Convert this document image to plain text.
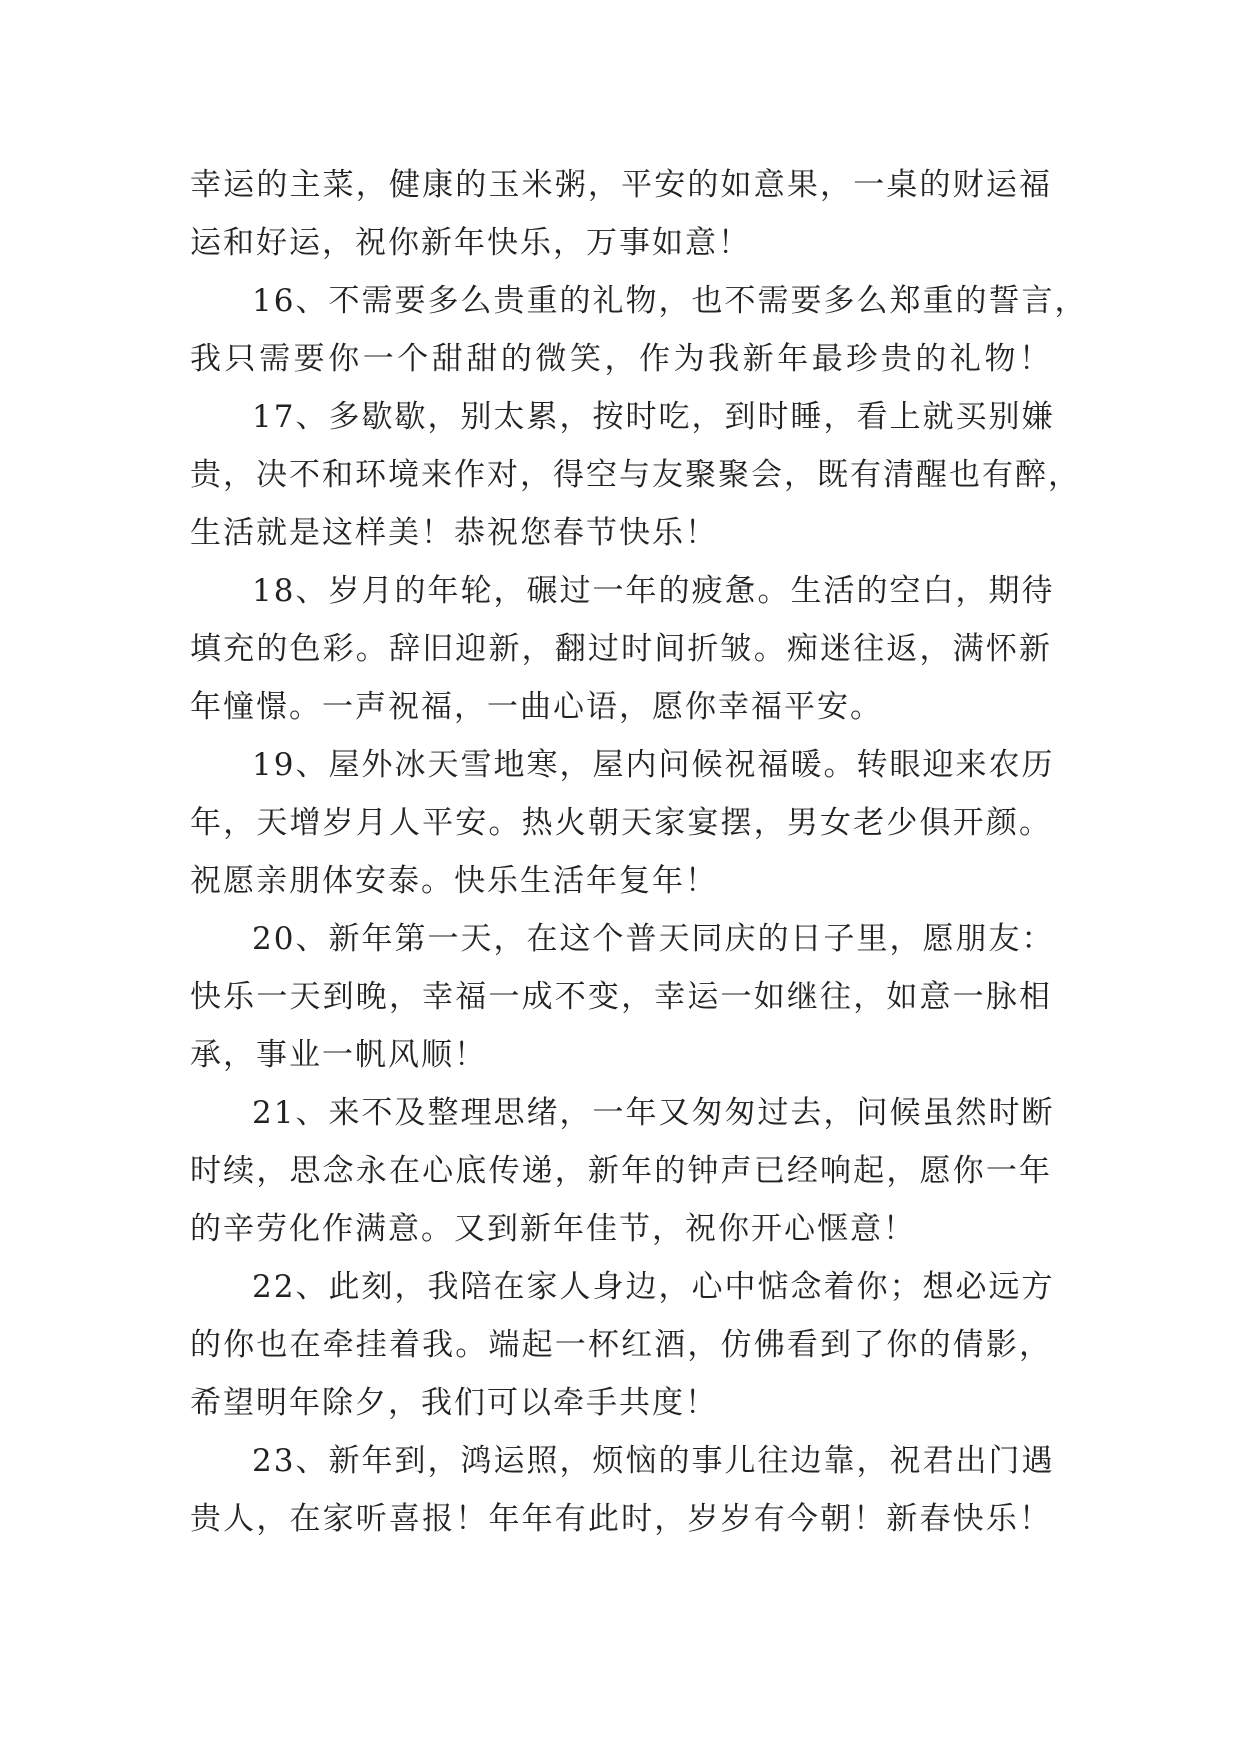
幸运的主菜，健康的玉米粥，平安的如意果，一桌的财运福
运和好运，祝你新年快乐，万事如意！

16、不需要多么贵重的礼物，也不需要多么郑重的誓言，
我只需要你一个甜甜的微笑，作为我新年最珍贵的礼物！

17、多歇歇，别太累，按时吃，到时睡，看上就买别嫌
贵，决不和环境来作对，得空与友聚聚会，既有清醒也有醉，
生活就是这样美！恭祝您春节快乐！

18、岁月的年轮，碾过一年的疲惫。生活的空白，期待
填充的色彩。辞旧迎新，翻过时间折皱。痴迷往返，满怀新
年憧憬。一声祝福，一曲心语，愿你幸福平安。

19、屋外冰天雪地寒，屋内问候祝福暖。转眼迎来农历
年，天增岁月人平安。热火朝天家宴摆，男女老少俱开颜。
祝愿亲朋体安泰。快乐生活年复年！

20、新年第一天，在这个普天同庆的日子里，愿朋友：
快乐一天到晚，幸福一成不变，幸运一如继往，如意一脉相
承，事业一帆风顺！

21、来不及整理思绪，一年又匆匆过去，问候虽然时断
时续，思念永在心底传递，新年的钟声已经响起，愿你一年
的辛劳化作满意。又到新年佳节，祝你开心惬意！

22、此刻，我陪在家人身边，心中惦念着你；想必远方
的你也在牵挂着我。端起一杯红酒，仿佛看到了你的倩影，
希望明年除夕，我们可以牵手共度！

23、新年到，鸿运照，烦恼的事儿往边靠，祝君出门遇
贵人，在家听喜报！年年有此时，岁岁有今朝！新春快乐！
